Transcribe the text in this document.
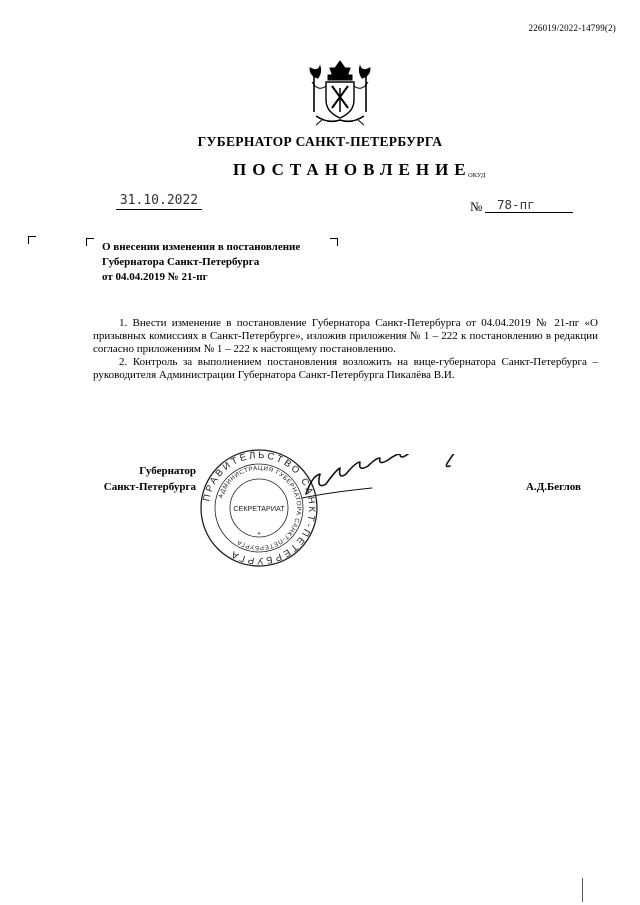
226019/2022-14799(2)
ГУБЕРНАТОР САНКТ-ПЕТЕРБУРГА
ПОСТАНОВЛЕНИЕ
ОКУД
31.10.2022	№	78-пг
О внесении изменения в постановление
Губернатора Санкт-Петербурга
от 04.04.2019 № 21-пг

1. Внести изменение в постановление Губернатора Санкт-Петербурга от 04.04.2019 № 21-пг «О призывных комиссиях в Санкт-Петербурге», изложив приложения № 1 – 222 к постановлению в редакции согласно приложениям № 1 – 222 к настоящему постановлению.

2. Контроль за выполнением постановления возложить на вице-губернатора Санкт-Петербурга – руководителя Администрации Губернатора Санкт-Петербурга Пикалёва В.И.

Губернатор
Санкт-Петербурга
ПРАВИТЕЛЬСТВО САНКТ-ПЕТЕРБУРГА
АДМИНИСТРАЦИЯ ГУБЕРНАТОРА САНКТ-ПЕТЕРБУРГА
СЕКРЕТАРИАТ
*
А.Д.Беглов
